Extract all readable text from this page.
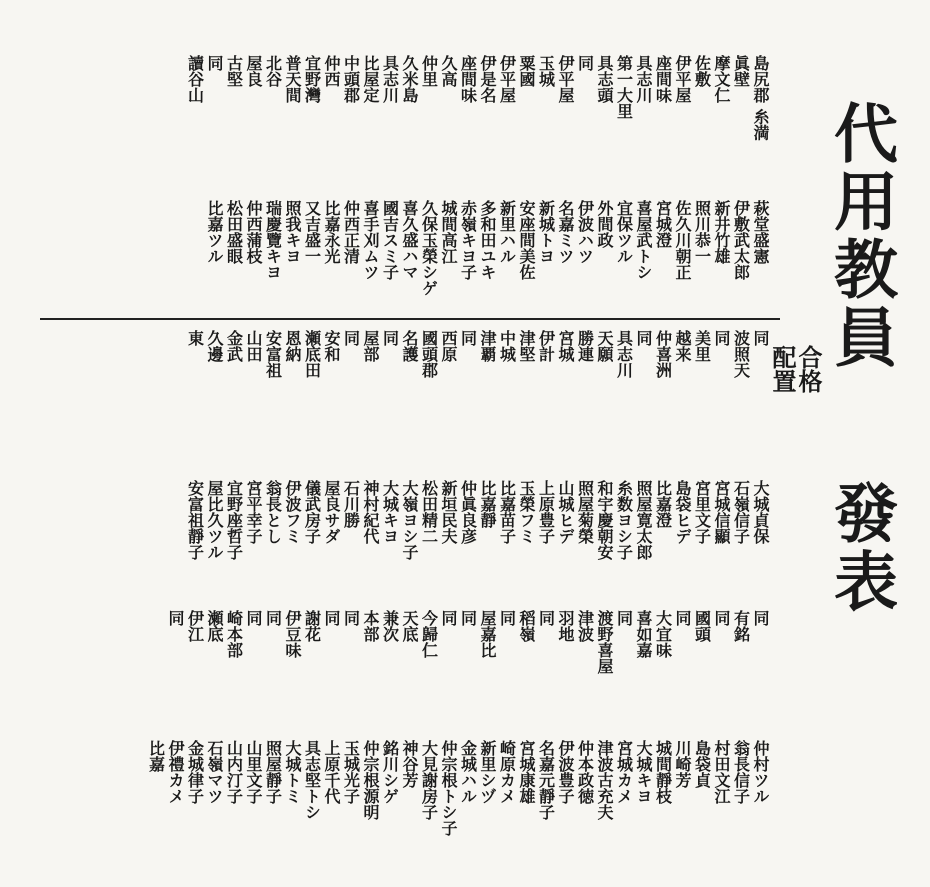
代用教員
合格
配置
發表
島尻郡 糸満
眞壁
摩文仁
佐敷
伊平屋
座間味
具志川
第一大里
具志頭
同
伊平屋
玉城
粟國
伊平屋
伊是名
座間味
久高
仲里
久米島
具志川
比屋定
中頭郡
仲西
宜野灣
普天間
北谷
屋良
古堅
同
讀谷山
萩堂盛憲
伊敷武太郎
新井竹雄
照川恭一
佐久川朝正
宮城澄
喜屋武トシ
宜保ツル
外間政
伊波ハツ
名嘉ミツ
新城トヨ
安座間美佐
新里ハル
多和田ユキ
赤嶺キヨ子
城間高江
久保玉榮シゲ
喜久盛ハマ
國吉スミ子
喜手刈ムツ
仲西正清
比嘉永光
又吉盛一
照我キヨ
瑞慶覽キヨ
仲西蒲枝
松田盛眼
比嘉ツル
同
波照天
同
美里
越来
仲喜洲
同
具志川
天願
勝連
宮城
伊計
津堅
中城
津覇
同
西原
國頭郡
名護
同
屋部
同
安和
瀬底田
恩納
安富祖
山田
金武
久邊
東
大城貞保
石嶺信子
宮城信顯
宮里文子
島袋ヒデ
比嘉澄
照屋寛太郎
糸数ヨシ子
和宇慶朝安
照屋菊榮
山城ヒデ
上原豊子
玉榮フミ
比嘉苗子
比嘉靜
仲眞良彦
新垣民夫
松田精二
大嶺ヨシ子
大城キヨ
神村紀代
石川勝
屋良サダ
儀武房子
伊波フミ
翁長とし
宮平幸子
宜野座哲子
屋比久ツル
安富祖靜子
同
有銘
同
國頭
同
大宜味
喜如嘉
同
渡野喜屋
津波
羽地
同
稻嶺
同
屋嘉比
同
同
今歸仁
天底
兼次
本部
同
同
謝花
伊豆味
同
同
崎本部
瀬底
伊江
同
仲村ツル
翁長信子
村田文江
島袋貞
川崎芳
城間靜枝
大城キヨ
宮城カメ
津波古充夫
仲本政徳
伊波豊子
名嘉元靜子
宮城康雄
崎原カメ
新里シヅ
金城ハル
仲宗根トシ子
大見謝房子
神谷芳
銘川シゲ
仲宗根源明
玉城光子
上原千代
具志堅トシ
大城トミ
照屋靜子
山里文子
山内汀子
石嶺マツ
金城律子
伊禮カメ
比嘉
